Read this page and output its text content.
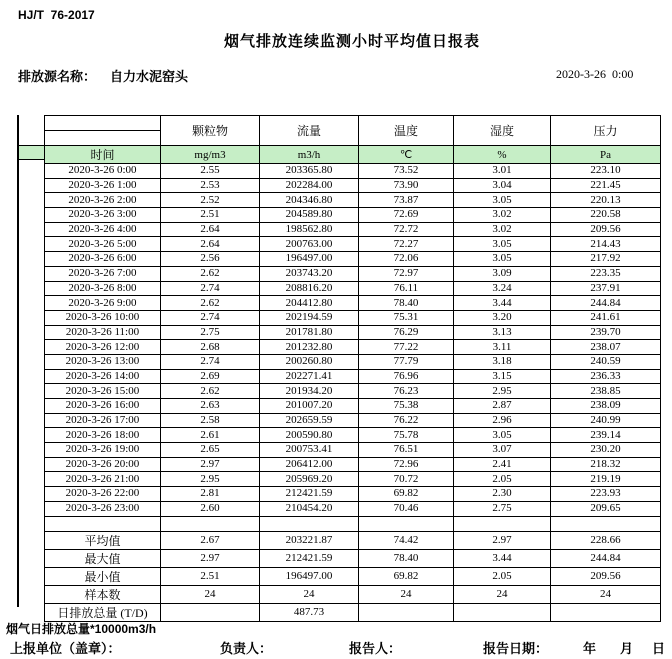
HJ/T  76-2017
烟气排放连续监测小时平均值日报表
排放源名称： 自力水泥窑头	2020-3-26  0:00
	颗粒物	流量	温度	湿度	压力

时间	mg/m3	m3/h	℃	%	Pa
2020-3-26 0:00	2.55	203365.80	73.52	3.01	223.10
2020-3-26 1:00	2.53	202284.00	73.90	3.04	221.45
2020-3-26 2:00	2.52	204346.80	73.87	3.05	220.13
2020-3-26 3:00	2.51	204589.80	72.69	3.02	220.58
2020-3-26 4:00	2.64	198562.80	72.72	3.02	209.56
2020-3-26 5:00	2.64	200763.00	72.27	3.05	214.43
2020-3-26 6:00	2.56	196497.00	72.06	3.05	217.92
2020-3-26 7:00	2.62	203743.20	72.97	3.09	223.35
2020-3-26 8:00	2.74	208816.20	76.11	3.24	237.91
2020-3-26 9:00	2.62	204412.80	78.40	3.44	244.84
2020-3-26 10:00	2.74	202194.59	75.31	3.20	241.61
2020-3-26 11:00	2.75	201781.80	76.29	3.13	239.70
2020-3-26 12:00	2.68	201232.80	77.22	3.11	238.07
2020-3-26 13:00	2.74	200260.80	77.79	3.18	240.59
2020-3-26 14:00	2.69	202271.41	76.96	3.15	236.33
2020-3-26 15:00	2.62	201934.20	76.23	2.95	238.85
2020-3-26 16:00	2.63	201007.20	75.38	2.87	238.09
2020-3-26 17:00	2.58	202659.59	76.22	2.96	240.99
2020-3-26 18:00	2.61	200590.80	75.78	3.05	239.14
2020-3-26 19:00	2.65	200753.41	76.51	3.07	230.20
2020-3-26 20:00	2.97	206412.00	72.96	2.41	218.32
2020-3-26 21:00	2.95	205969.20	70.72	2.05	219.19
2020-3-26 22:00	2.81	212421.59	69.82	2.30	223.93
2020-3-26 23:00	2.60	210454.20	70.46	2.75	209.65

平均值	2.67	203221.87	74.42	2.97	228.66
最大值	2.97	212421.59	78.40	3.44	244.84
最小值	2.51	196497.00	69.82	2.05	209.56
样本数	24	24	24	24	24
日排放总量 (T/D)		487.73			
烟气日排放总量*10000m3/h
上报单位（盖章）：	负责人：	报告人：	报告日期：	年 月 日
